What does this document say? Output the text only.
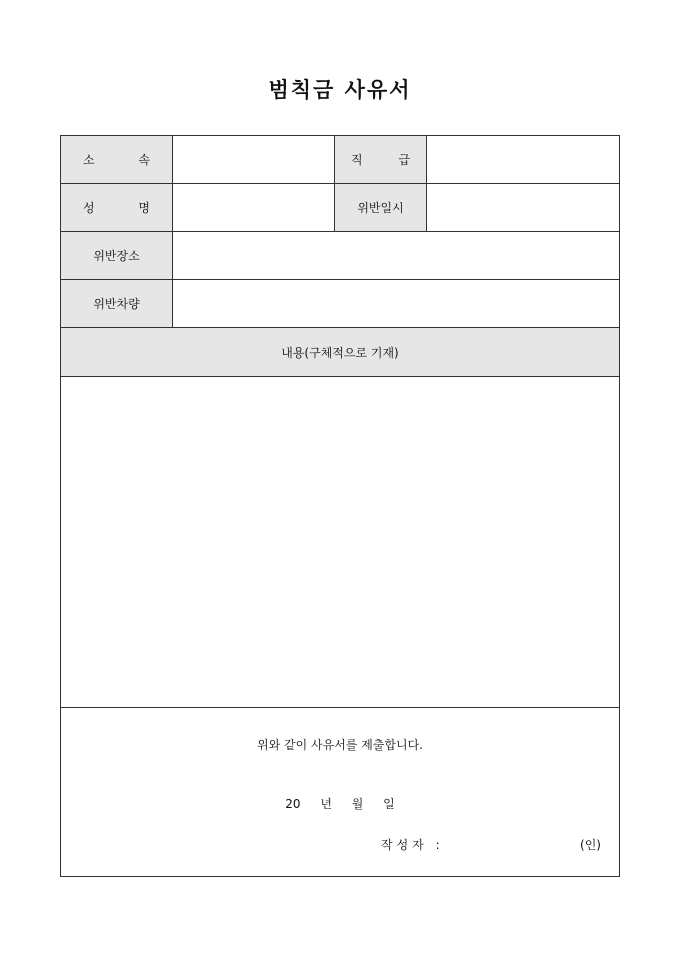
범칙금 사유서
소 속	직 급
성 명	위반일시
위반장소
위반차량
내용(구체적으로 기재)
위와 같이 사유서를 제출합니다.
20 년 월 일
작성자 :	(인)
